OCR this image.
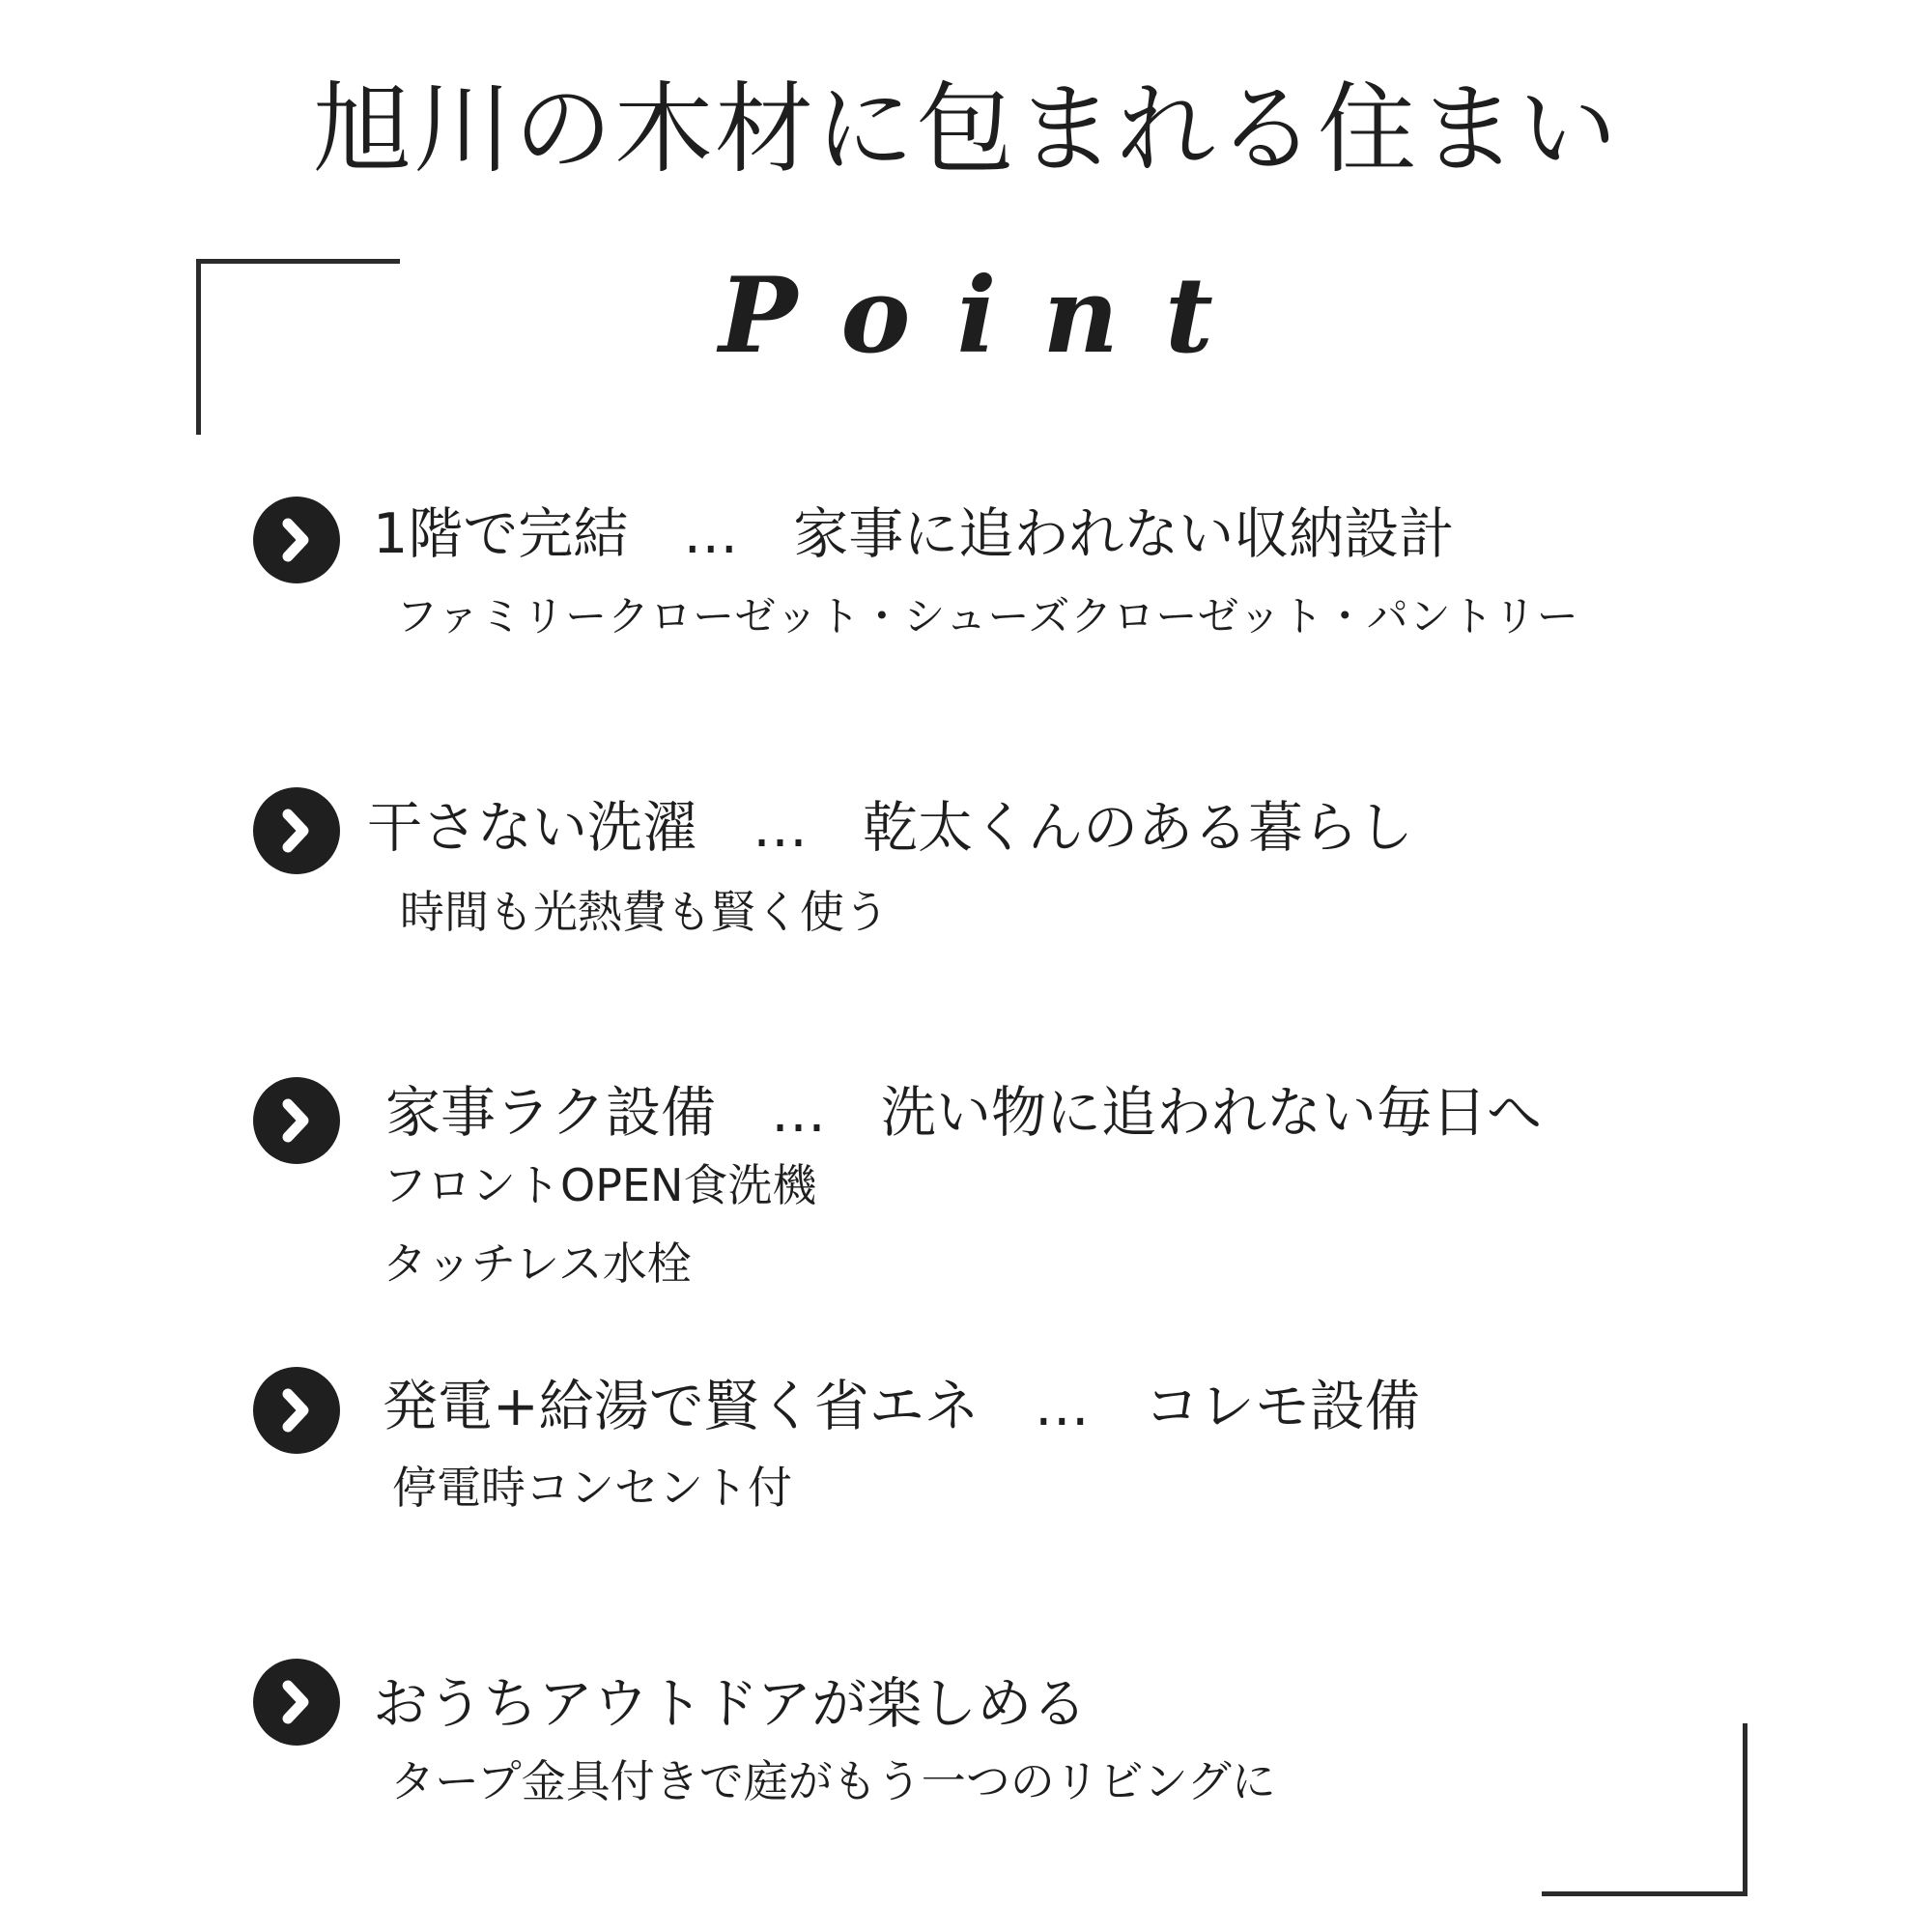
旭川の木材に包まれる住まい
Point
1階で完結　…　家事に追われない収納設計
ファミリークローゼット・シューズクローゼット・パントリー
干さない洗濯　…　乾太くんのある暮らし
時間も光熱費も賢く使う
家事ラク設備　…　洗い物に追われない毎日へ
フロントOPEN食洗機
タッチレス水栓
発電+給湯で賢く省エネ　…　コレモ設備
停電時コンセント付
おうちアウトドアが楽しめる
タープ金具付きで庭がもう一つのリビングに
